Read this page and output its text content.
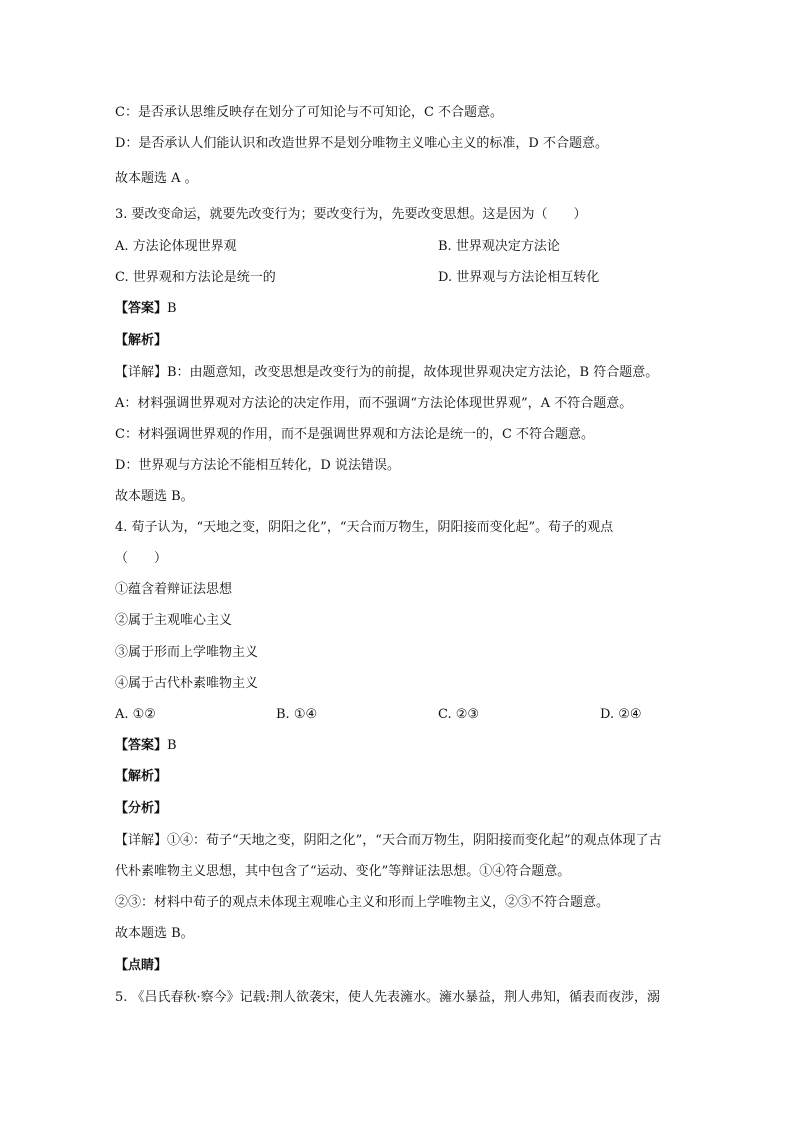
C：是否承认思维反映存在划分了可知论与不可知论，C 不合题意。
D：是否承认人们能认识和改造世界不是划分唯物主义唯心主义的标准，D 不合题意。
故本题选 A 。
3. 要改变命运，就要先改变行为；要改变行为，先要改变思想。这是因为（　　）
A. 方法论体现世界观	B. 世界观决定方法论
C. 世界观和方法论是统一的	D. 世界观与方法论相互转化
【答案】B
【解析】
【详解】B：由题意知，改变思想是改变行为的前提，故体现世界观决定方法论，B 符合题意。
A：材料强调世界观对方法论的决定作用，而不强调“方法论体现世界观”，A 不符合题意。
C：材料强调世界观的作用，而不是强调世界观和方法论是统一的，C 不符合题意。
D：世界观与方法论不能相互转化，D 说法错误。
故本题选 B。
4. 荀子认为，“天地之变，阴阳之化”，“天合而万物生，阴阳接而变化起”。荀子的观点
（　　）
①蕴含着辩证法思想
②属于主观唯心主义
③属于形而上学唯物主义
④属于古代朴素唯物主义
A. ①②	B. ①④	C. ②③	D. ②④
【答案】B
【解析】
【分析】
【详解】①④：荀子“天地之变，阴阳之化”，“天合而万物生，阴阳接而变化起”的观点体现了古
代朴素唯物主义思想，其中包含了“运动、变化”等辩证法思想。①④符合题意。
②③：材料中荀子的观点未体现主观唯心主义和形而上学唯物主义，②③不符合题意。
故本题选 B。
【点睛】
5. 《吕氏春秋·察今》记载:荆人欲袭宋，使人先表澭水。澭水暴益，荆人弗知，循表而夜涉，溺
